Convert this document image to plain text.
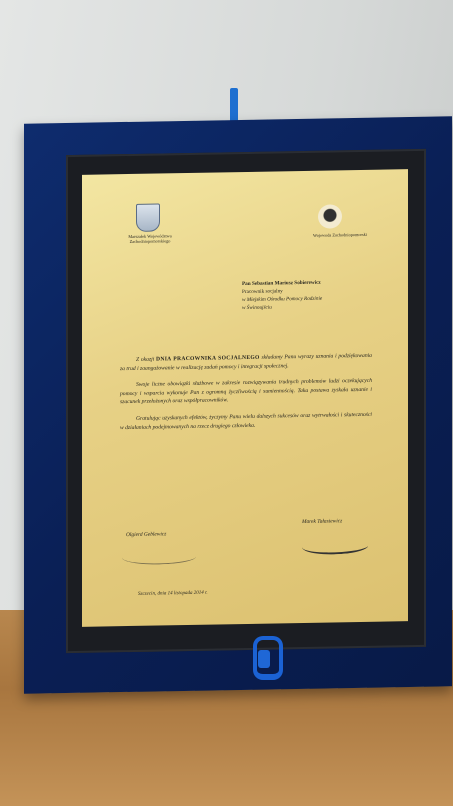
Marszałek Województwa Zachodniopomorskiego
Wojewoda Zachodniopomorski
Pan Sebastian Mariusz Sobierewicz
Pracownik socjalny
w Miejskim Ośrodku Pomocy Rodzinie
w Świnoujściu

Z okazji DNIA PRACOWNIKA SOCJALNEGO składamy Panu wyrazy uznania i podziękowania za trud i zaangażowanie w realizację zadań pomocy i integracji społecznej.

Swoje liczne obowiązki służbowe w zakresie rozwiązywania trudnych problemów ludzi oczekujących pomocy i wsparcia wykonuje Pan z ogromną życzliwością i sumiennością. Taka postawa zyskała uznanie i szacunek przełożonych oraz współpracowników.

Gratulując uzyskanych efektów, życzymy Panu wielu dalszych sukcesów oraz wytrwałości i skuteczności w działaniach podejmowanych na rzecz drugiego człowieka.

Olgierd Geblewicz
Marek Tałasiewicz
Szczecin, dnia 14 listopada 2014 r.
